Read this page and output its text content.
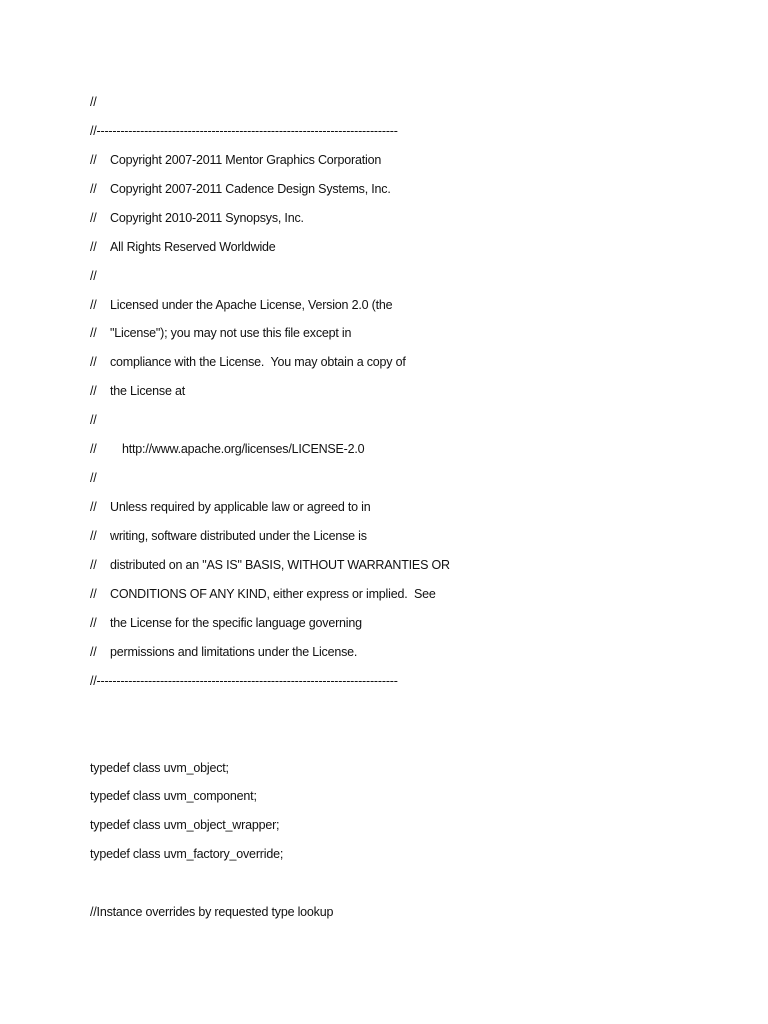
//
//----------------------------------------------------------------------------
// Copyright 2007-2011 Mentor Graphics Corporation
// Copyright 2007-2011 Cadence Design Systems, Inc.
// Copyright 2010-2011 Synopsys, Inc.
// All Rights Reserved Worldwide
//
// Licensed under the Apache License, Version 2.0 (the
// "License"); you may not use this file except in
// compliance with the License.  You may obtain a copy of
// the License at
//
// http://www.apache.org/licenses/LICENSE-2.0
//
// Unless required by applicable law or agreed to in
// writing, software distributed under the License is
// distributed on an "AS IS" BASIS, WITHOUT WARRANTIES OR
// CONDITIONS OF ANY KIND, either express or implied.  See
// the License for the specific language governing
// permissions and limitations under the License.
//----------------------------------------------------------------------------
typedef class uvm_object;
typedef class uvm_component;
typedef class uvm_object_wrapper;
typedef class uvm_factory_override;
//Instance overrides by requested type lookup
